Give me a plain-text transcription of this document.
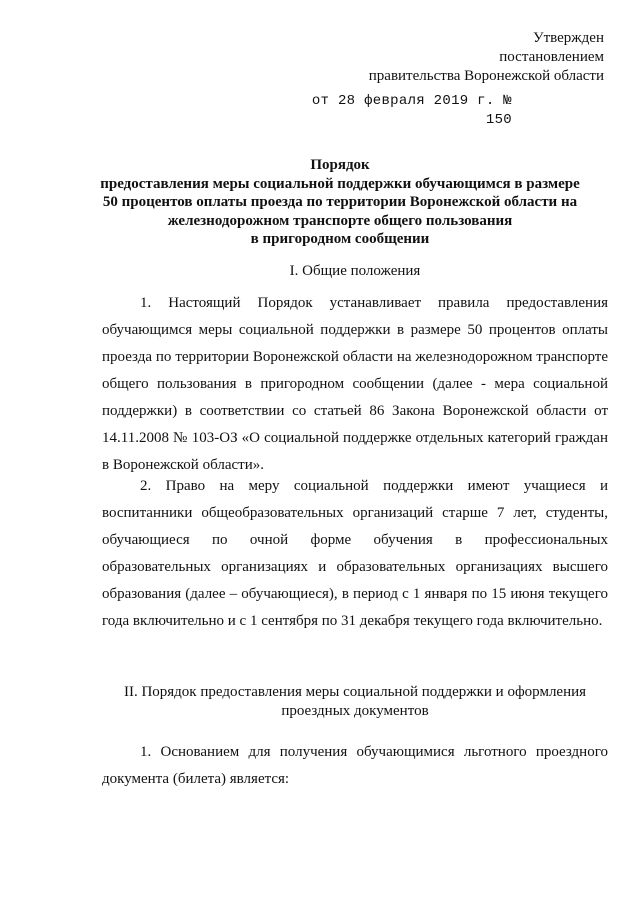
Утвержден
постановлением
правительства Воронежской области
от 28 февраля 2019 г. № 150
Порядок
предоставления меры социальной поддержки обучающимся в размере
50 процентов оплаты проезда по территории Воронежской области на
железнодорожном транспорте общего пользования
в пригородном сообщении
I. Общие положения

1. Настоящий Порядок устанавливает правила предоставления обучающимся меры социальной поддержки в размере 50 процентов оплаты проезда по территории Воронежской области на железнодорожном транспорте общего пользования в пригородном сообщении (далее - мера социальной поддержки) в соответствии со статьей 86 Закона Воронежской области от 14.11.2008 № 103-ОЗ «О социальной поддержке отдельных категорий граждан в Воронежской области».

2. Право на меру социальной поддержки имеют учащиеся и воспитанники общеобразовательных организаций старше 7 лет, студенты, обучающиеся по очной форме обучения в профессиональных образовательных организациях и образовательных организациях высшего образования (далее – обучающиеся), в период с 1 января по 15 июня текущего года включительно и с 1 сентября по 31 декабря текущего года включительно.

II. Порядок предоставления меры социальной поддержки и оформления
проездных документов

1. Основанием для получения обучающимися льготного проездного документа (билета) является:
